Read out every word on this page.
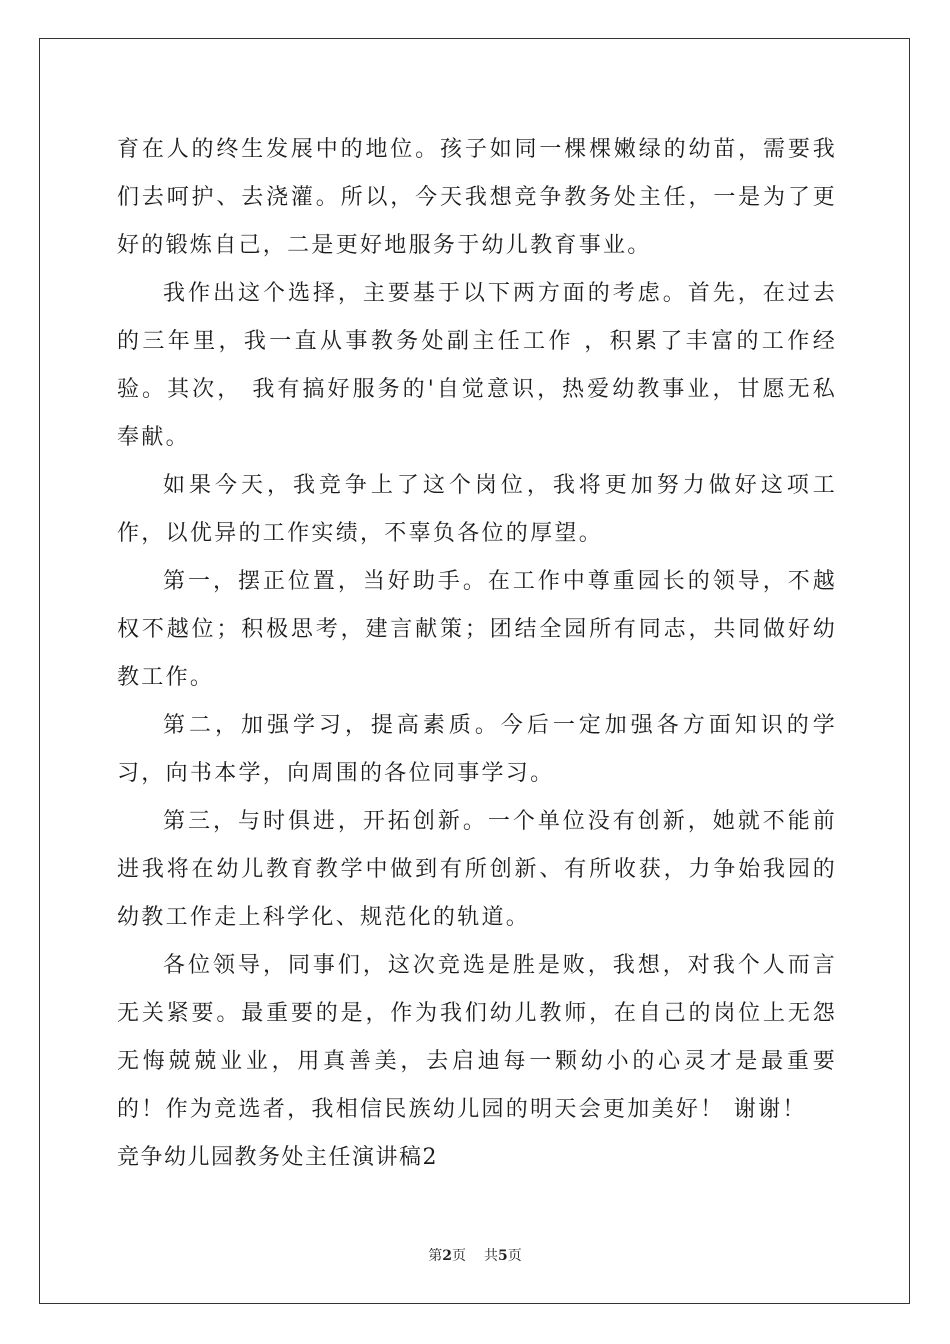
育在人的终生发展中的地位。孩子如同一棵棵嫩绿的幼苗，需要我们去呵护、去浇灌。所以，今天我想竞争教务处主任，一是为了更好的锻炼自己，二是更好地服务于幼儿教育事业。

我作出这个选择，主要基于以下两方面的考虑。首先，在过去的三年里，我一直从事教务处副主任工作 ，积累了丰富的工作经验。其次， 我有搞好服务的'自觉意识，热爱幼教事业，甘愿无私奉献。

如果今天，我竞争上了这个岗位，我将更加努力做好这项工作，以优异的工作实绩，不辜负各位的厚望。

第一，摆正位置，当好助手。在工作中尊重园长的领导，不越权不越位；积极思考，建言献策；团结全园所有同志，共同做好幼教工作。

第二，加强学习，提高素质。今后一定加强各方面知识的学习，向书本学，向周围的各位同事学习。

第三，与时俱进，开拓创新。一个单位没有创新，她就不能前进我将在幼儿教育教学中做到有所创新、有所收获，力争始我园的幼教工作走上科学化、规范化的轨道。

各位领导，同事们，这次竞选是胜是败，我想，对我个人而言无关紧要。最重要的是，作为我们幼儿教师，在自己的岗位上无怨无悔兢兢业业，用真善美，去启迪每一颗幼小的心灵才是最重要的！作为竞选者，我相信民族幼儿园的明天会更加美好！ 谢谢！

竞争幼儿园教务处主任演讲稿2

第2页 共5页
